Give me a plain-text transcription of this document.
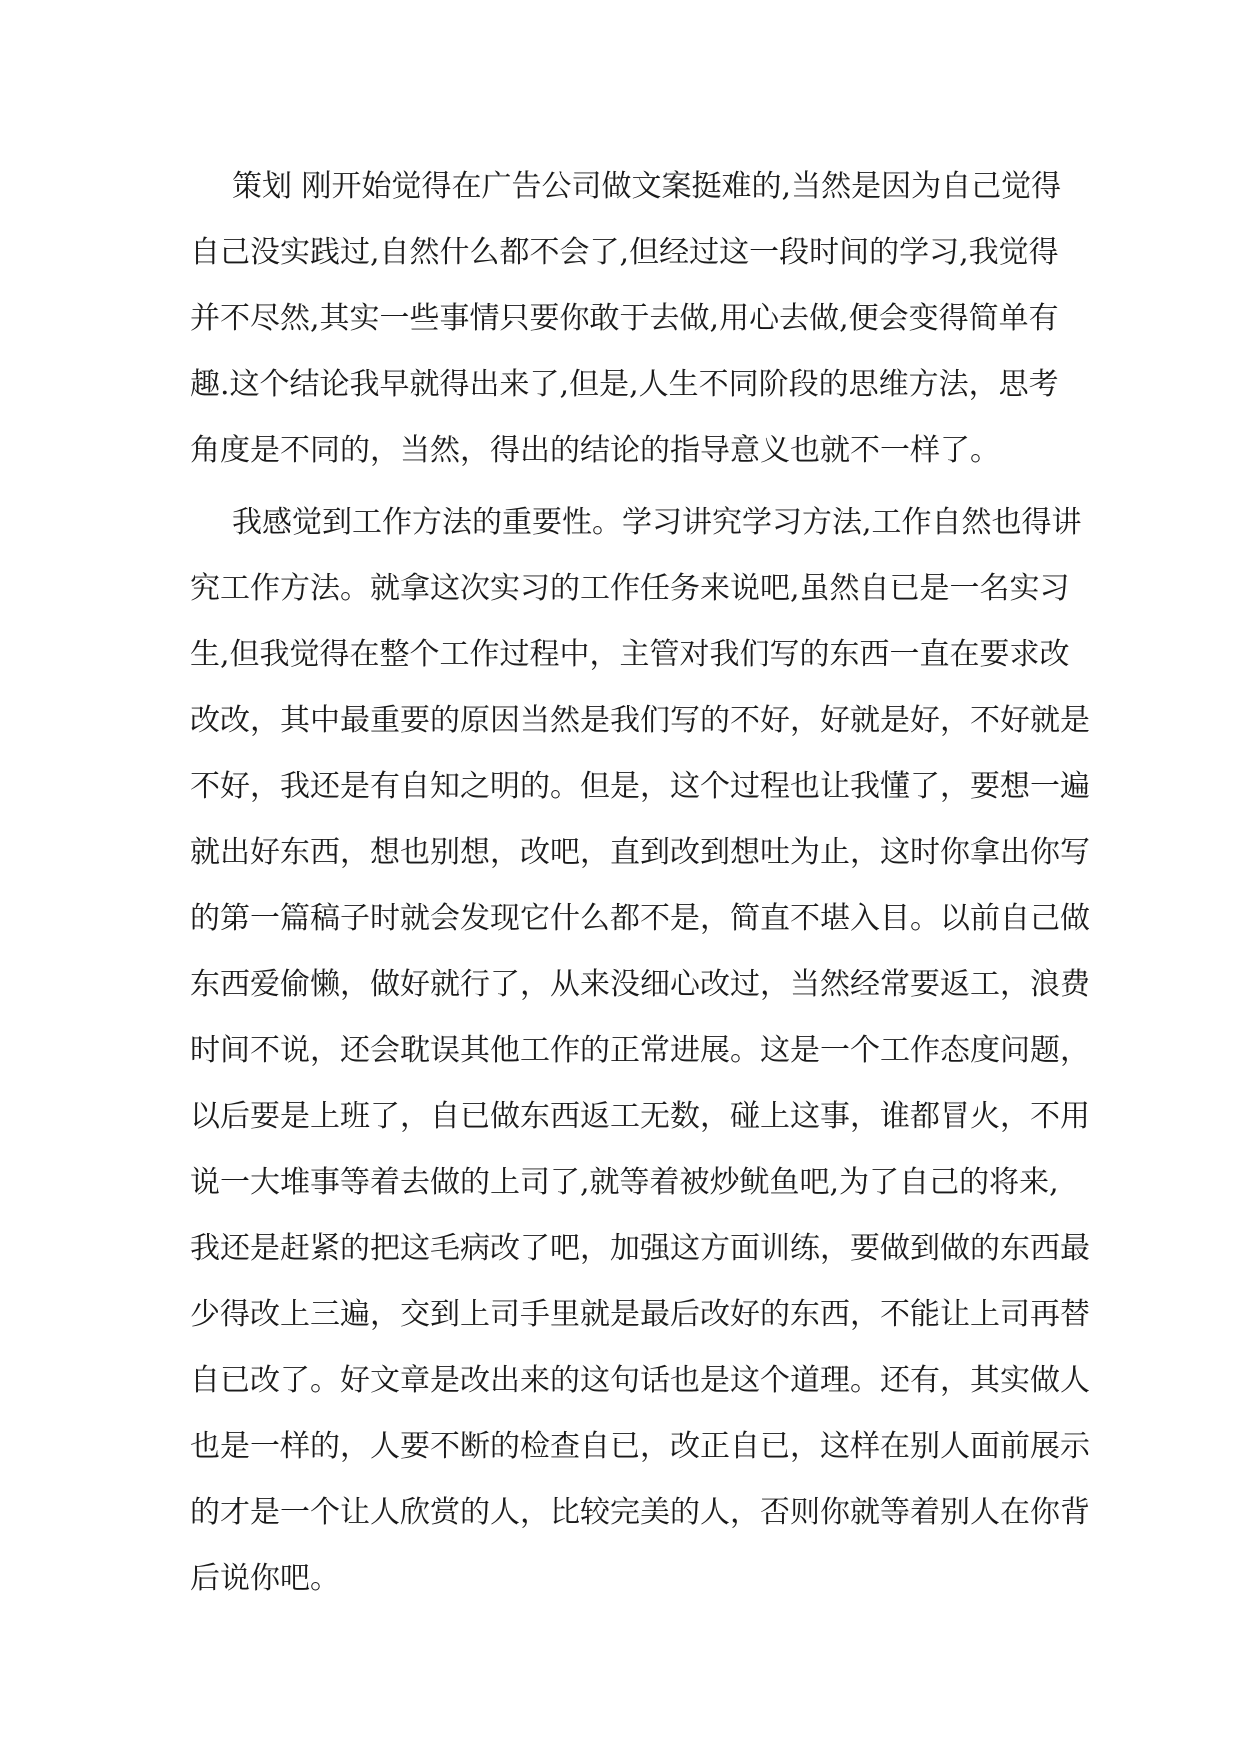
策划 刚开始觉得在广告公司做文案挺难的,当然是因为自己觉得
自己没实践过,自然什么都不会了,但经过这一段时间的学习,我觉得
并不尽然,其实一些事情只要你敢于去做,用心去做,便会变得简单有
趣.这个结论我早就得出来了,但是,人生不同阶段的思维方法，思考
角度是不同的，当然，得出的结论的指导意义也就不一样了。
我感觉到工作方法的重要性。学习讲究学习方法,工作自然也得讲
究工作方法。就拿这次实习的工作任务来说吧,虽然自已是一名实习
生,但我觉得在整个工作过程中，主管对我们写的东西一直在要求改
改改，其中最重要的原因当然是我们写的不好，好就是好，不好就是
不好，我还是有自知之明的。但是，这个过程也让我懂了，要想一遍
就出好东西，想也别想，改吧，直到改到想吐为止，这时你拿出你写
的第一篇稿子时就会发现它什么都不是，简直不堪入目。以前自己做
东西爱偷懒，做好就行了，从来没细心改过，当然经常要返工，浪费
时间不说，还会耽误其他工作的正常进展。这是一个工作态度问题，
以后要是上班了，自已做东西返工无数，碰上这事，谁都冒火，不用
说一大堆事等着去做的上司了,就等着被炒鱿鱼吧,为了自己的将来,
我还是赶紧的把这毛病改了吧，加强这方面训练，要做到做的东西最
少得改上三遍，交到上司手里就是最后改好的东西，不能让上司再替
自已改了。好文章是改出来的这句话也是这个道理。还有，其实做人
也是一样的，人要不断的检查自已，改正自已，这样在别人面前展示
的才是一个让人欣赏的人，比较完美的人，否则你就等着别人在你背
后说你吧。
